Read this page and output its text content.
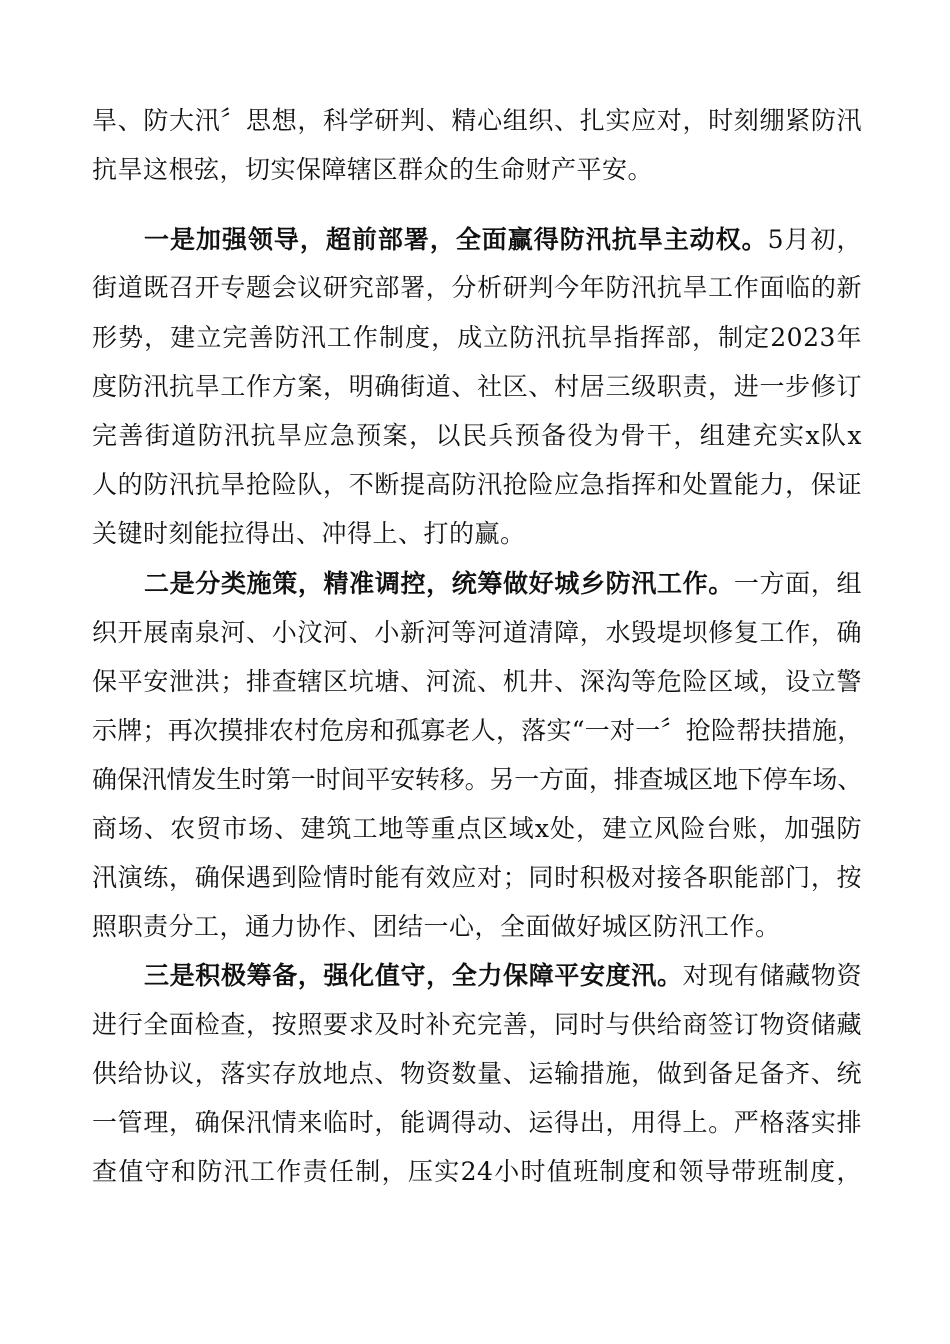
旱、防大汛〞思想，科学研判、精心组织、扎实应对，时刻绷紧防汛
抗旱这根弦，切实保障辖区群众的生命财产平安。
一是加强领导，超前部署，全面赢得防汛抗旱主动权。5月初，
街道既召开专题会议研究部署，分析研判今年防汛抗旱工作面临的新
形势，建立完善防汛工作制度，成立防汛抗旱指挥部，制定2023年
度防汛抗旱工作方案，明确街道、社区、村居三级职责，进一步修订
完善街道防汛抗旱应急预案，以民兵预备役为骨干，组建充实x队x
人的防汛抗旱抢险队，不断提高防汛抢险应急指挥和处置能力，保证
关键时刻能拉得出、冲得上、打的赢。
二是分类施策，精准调控，统筹做好城乡防汛工作。一方面，组
织开展南泉河、小汶河、小新河等河道清障，水毁堤坝修复工作，确
保平安泄洪；排查辖区坑塘、河流、机井、深沟等危险区域，设立警
示牌；再次摸排农村危房和孤寡老人，落实“一对一〞抢险帮扶措施，
确保汛情发生时第一时间平安转移。另一方面，排查城区地下停车场、
商场、农贸市场、建筑工地等重点区域x处，建立风险台账，加强防
汛演练，确保遇到险情时能有效应对；同时积极对接各职能部门，按
照职责分工，通力协作、团结一心，全面做好城区防汛工作。
三是积极筹备，强化值守，全力保障平安度汛。对现有储藏物资
进行全面检查，按照要求及时补充完善，同时与供给商签订物资储藏
供给协议，落实存放地点、物资数量、运输措施，做到备足备齐、统
一管理，确保汛情来临时，能调得动、运得出，用得上。严格落实排
查值守和防汛工作责任制，压实24小时值班制度和领导带班制度，
